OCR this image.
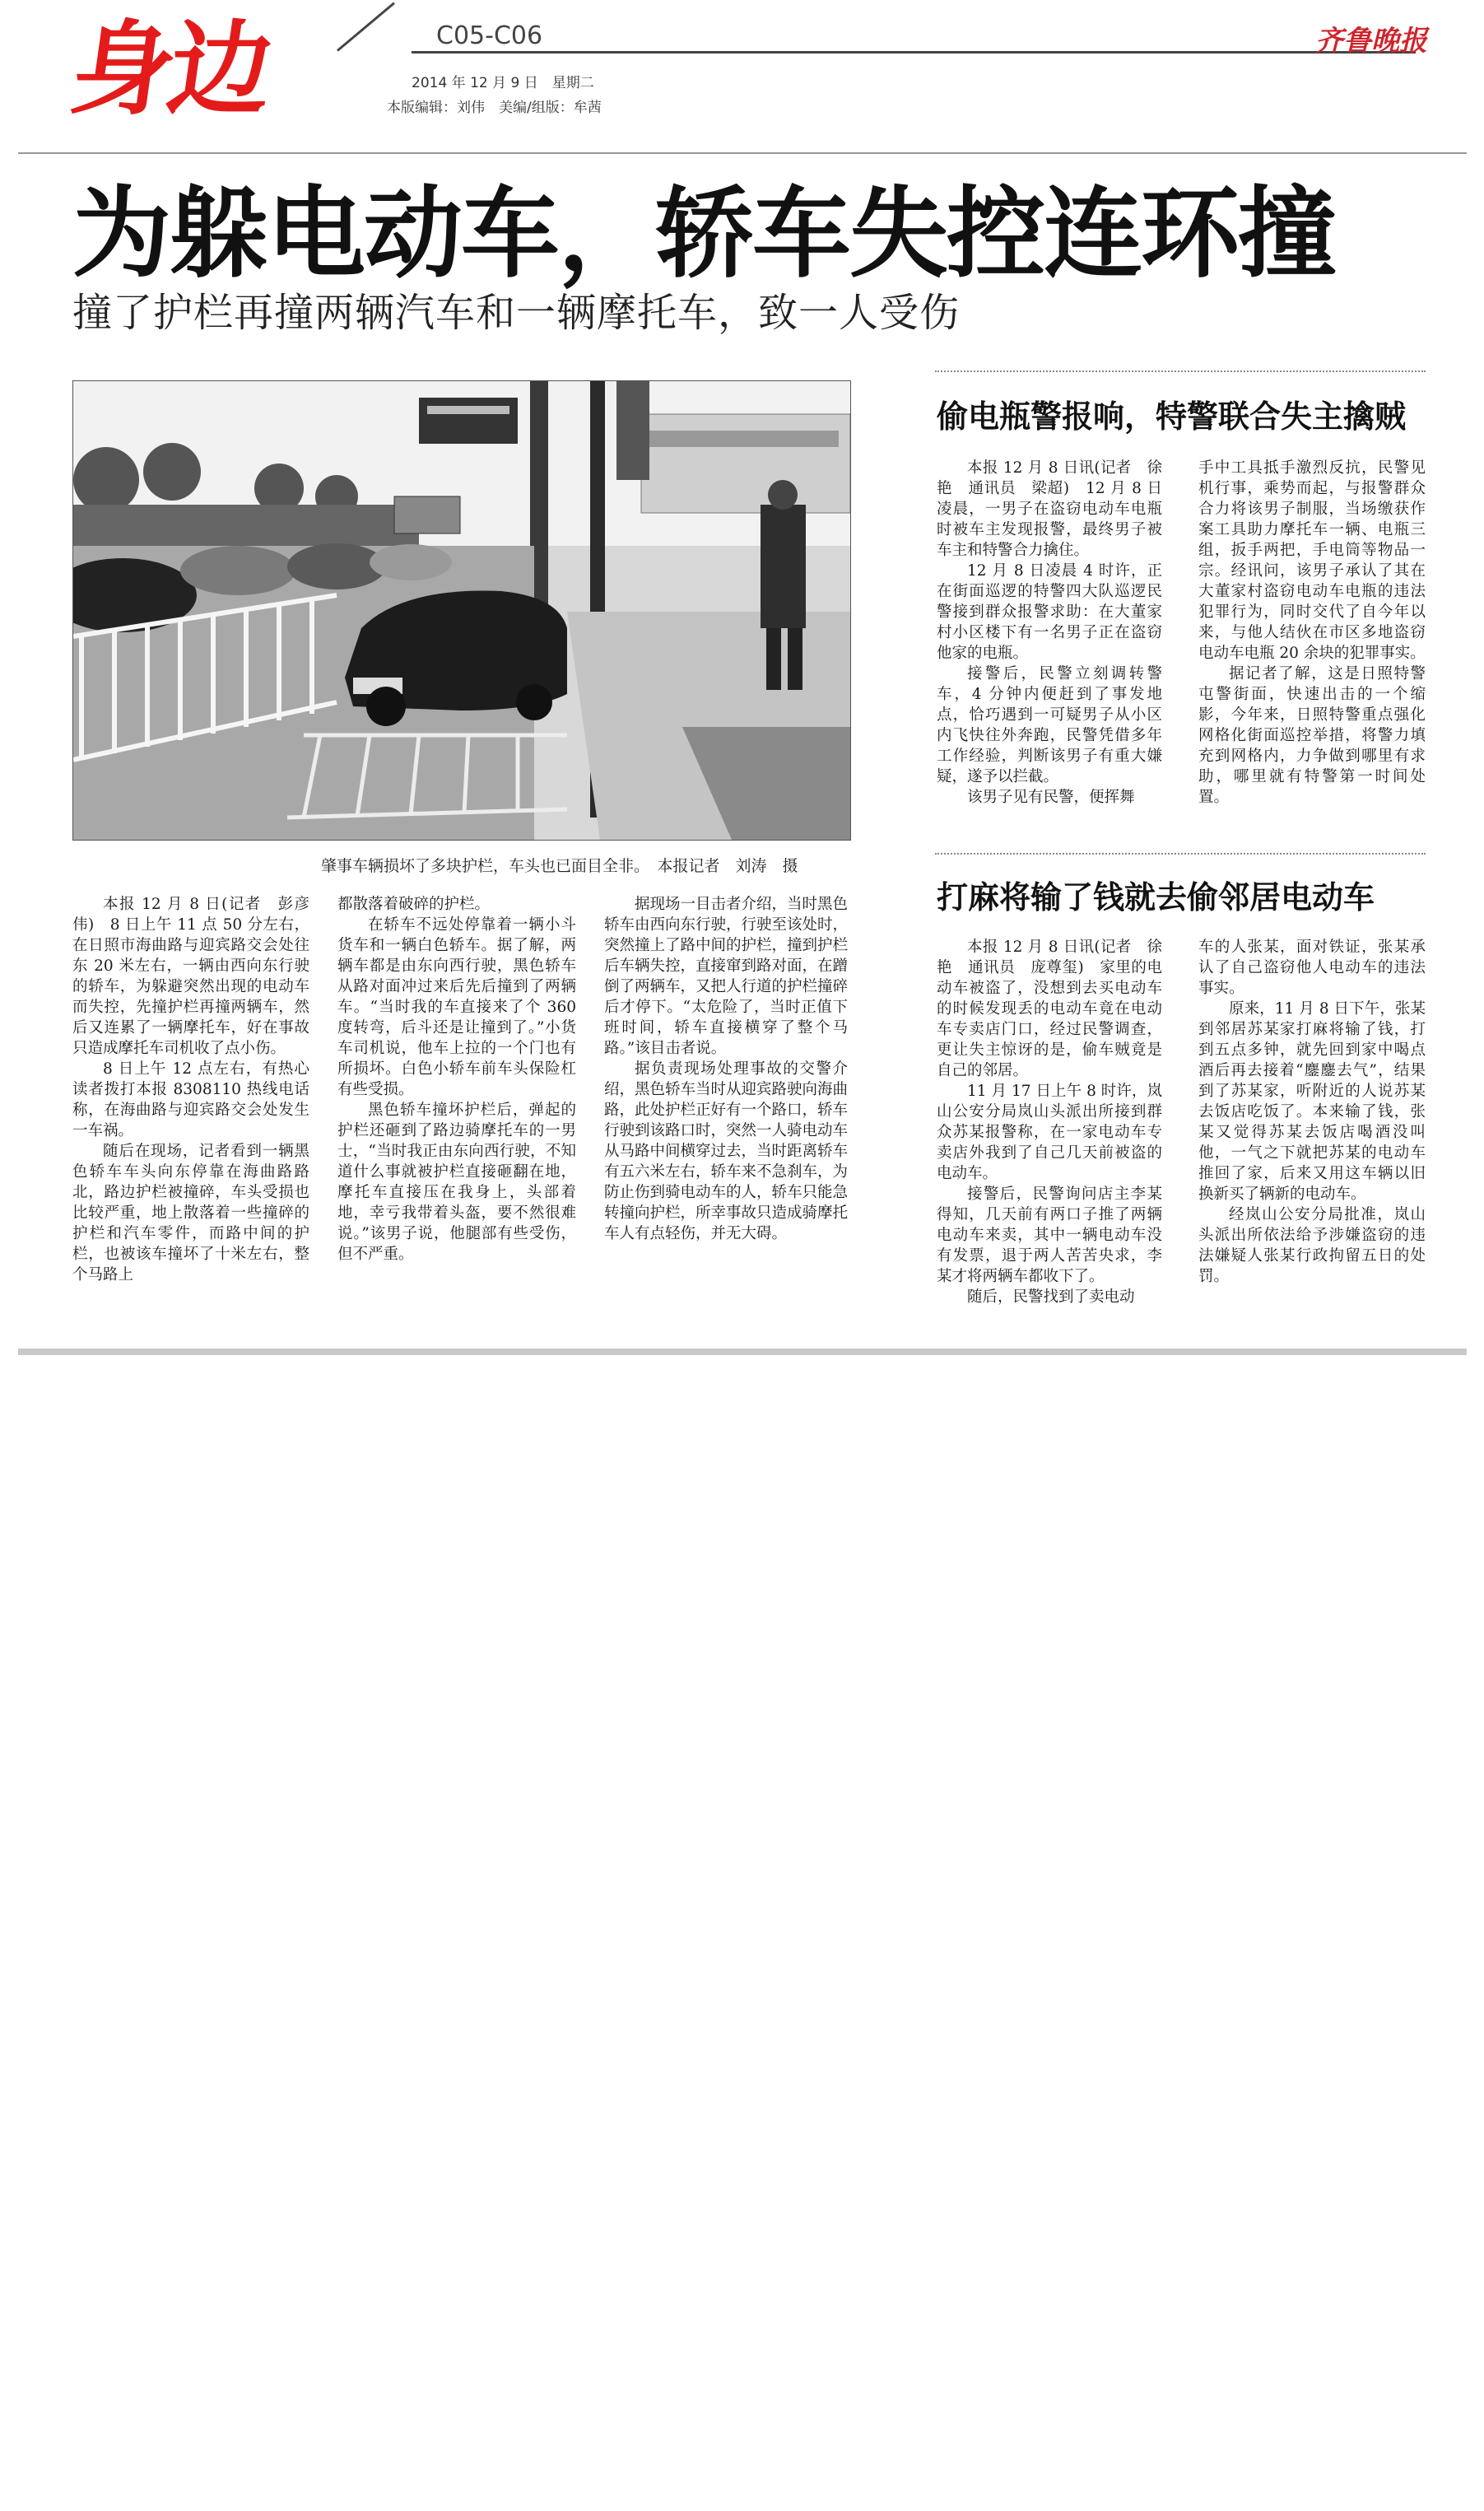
身边	C05-C06
2014 年 12 月 9 日　星期二
本版编辑：刘伟　美编/组版：牟茜
齐鲁晚报
为躲电动车，轿车失控连环撞
撞了护栏再撞两辆汽车和一辆摩托车，致一人受伤
肇事车辆损坏了多块护栏，车头也已面目全非。　本报记者　刘涛　摄

本报 12 月 8 日(记者　彭彦伟)　8 日上午 11 点 50 分左右，在日照市海曲路与迎宾路交会处往东 20 米左右，一辆由西向东行驶的轿车，为躲避突然出现的电动车而失控，先撞护栏再撞两辆车，然后又连累了一辆摩托车，好在事故只造成摩托车司机收了点小伤。

8 日上午 12 点左右，有热心读者拨打本报 8308110 热线电话称，在海曲路与迎宾路交会处发生一车祸。

随后在现场，记者看到一辆黑色轿车车头向东停靠在海曲路路北，路边护栏被撞碎，车头受损也比较严重，地上散落着一些撞碎的护栏和汽车零件，而路中间的护栏，也被该车撞坏了十米左右，整个马路上

都散落着破碎的护栏。

在轿车不远处停靠着一辆小斗货车和一辆白色轿车。据了解，两辆车都是由东向西行驶，黑色轿车从路对面冲过来后先后撞到了两辆车。“当时我的车直接来了个 360 度转弯，后斗还是让撞到了。”小货车司机说，他车上拉的一个门也有所损坏。白色小轿车前车头保险杠有些受损。

黑色轿车撞坏护栏后，弹起的护栏还砸到了路边骑摩托车的一男士，“当时我正由东向西行驶，不知道什么事就被护栏直接砸翻在地，摩托车直接压在我身上，头部着地，幸亏我带着头盔，要不然很难说。”该男子说，他腿部有些受伤，但不严重。

据现场一目击者介绍，当时黑色轿车由西向东行驶，行驶至该处时，突然撞上了路中间的护栏，撞到护栏后车辆失控，直接窜到路对面，在蹭倒了两辆车，又把人行道的护栏撞碎后才停下。“太危险了，当时正值下班时间，轿车直接横穿了整个马路。”该目击者说。

据负责现场处理事故的交警介绍，黑色轿车当时从迎宾路驶向海曲路，此处护栏正好有一个路口，轿车行驶到该路口时，突然一人骑电动车从马路中间横穿过去，当时距离轿车有五六米左右，轿车来不急刹车，为防止伤到骑电动车的人，轿车只能急转撞向护栏，所幸事故只造成骑摩托车人有点轻伤，并无大碍。

偷电瓶警报响，特警联合失主擒贼

本报 12 月 8 日讯(记者　徐艳　通讯员　梁超)　12 月 8 日凌晨，一男子在盗窃电动车电瓶时被车主发现报警，最终男子被车主和特警合力擒住。

12 月 8 日凌晨 4 时许，正在街面巡逻的特警四大队巡逻民警接到群众报警求助：在大董家村小区楼下有一名男子正在盗窃他家的电瓶。

接警后，民警立刻调转警车，4 分钟内便赶到了事发地点，恰巧遇到一可疑男子从小区内飞快往外奔跑，民警凭借多年工作经验，判断该男子有重大嫌疑，遂予以拦截。

该男子见有民警，便挥舞

手中工具抵手激烈反抗，民警见机行事，乘势而起，与报警群众合力将该男子制服，当场缴获作案工具助力摩托车一辆、电瓶三组，扳手两把，手电筒等物品一宗。经讯问，该男子承认了其在大董家村盗窃电动车电瓶的违法犯罪行为，同时交代了自今年以来，与他人结伙在市区多地盗窃电动车电瓶 20 余块的犯罪事实。

据记者了解，这是日照特警屯警街面，快速出击的一个缩影，今年来，日照特警重点强化网格化街面巡控举措，将警力填充到网格内，力争做到哪里有求助，哪里就有特警第一时间处置。

打麻将输了钱就去偷邻居电动车

本报 12 月 8 日讯(记者　徐艳　通讯员　庞尊玺)　家里的电动车被盗了，没想到去买电动车的时候发现丢的电动车竟在电动车专卖店门口，经过民警调查，更让失主惊讶的是，偷车贼竟是自己的邻居。

11 月 17 日上午 8 时许，岚山公安分局岚山头派出所接到群众苏某报警称，在一家电动车专卖店外我到了自己几天前被盗的电动车。

接警后，民警询问店主李某得知，几天前有两口子推了两辆电动车来卖，其中一辆电动车没有发票，退于两人苦苦央求，李某才将两辆车都收下了。

随后，民警找到了卖电动

车的人张某，面对铁证，张某承认了自己盗窃他人电动车的违法事实。

原来，11 月 8 日下午，张某到邻居苏某家打麻将输了钱，打到五点多钟，就先回到家中喝点酒后再去接着“鏖鏖去气”，结果到了苏某家，听附近的人说苏某去饭店吃饭了。本来输了钱，张某又觉得苏某去饭店喝酒没叫他，一气之下就把苏某的电动车推回了家，后来又用这车辆以旧换新买了辆新的电动车。

经岚山公安分局批准，岚山头派出所依法给予涉嫌盗窃的违法嫌疑人张某行政拘留五日的处罚。
